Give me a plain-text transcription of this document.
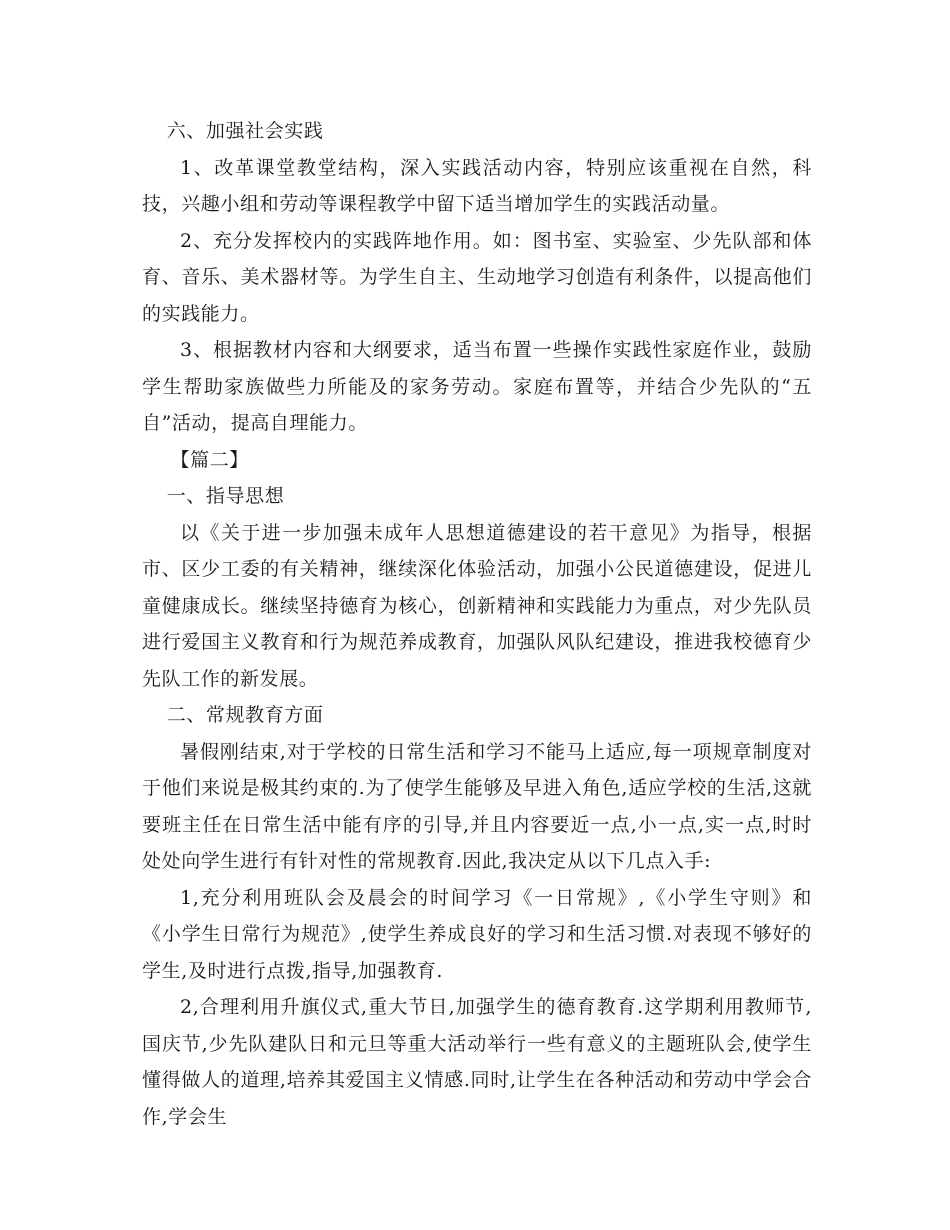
六、加强社会实践

1、改革课堂教堂结构，深入实践活动内容，特别应该重视在自然，科技，兴趣小组和劳动等课程教学中留下适当增加学生的实践活动量。

2、充分发挥校内的实践阵地作用。如：图书室、实验室、少先队部和体育、音乐、美术器材等。为学生自主、生动地学习创造有利条件，以提高他们的实践能力。

3、根据教材内容和大纲要求，适当布置一些操作实践性家庭作业，鼓励学生帮助家族做些力所能及的家务劳动。家庭布置等，并结合少先队的“五自”活动，提高自理能力。

【篇二】

一、指导思想

以《关于进一步加强未成年人思想道德建设的若干意见》为指导，根据市、区少工委的有关精神，继续深化体验活动，加强小公民道德建设，促进儿童健康成长。继续坚持德育为核心，创新精神和实践能力为重点，对少先队员进行爱国主义教育和行为规范养成教育，加强队风队纪建设，推进我校德育少先队工作的新发展。

二、常规教育方面

暑假刚结束,对于学校的日常生活和学习不能马上适应,每一项规章制度对于他们来说是极其约束的.为了使学生能够及早进入角色,适应学校的生活,这就要班主任在日常生活中能有序的引导,并且内容要近一点,小一点,实一点,时时处处向学生进行有针对性的常规教育.因此,我决定从以下几点入手:

1,充分利用班队会及晨会的时间学习《一日常规》,《小学生守则》和《小学生日常行为规范》,使学生养成良好的学习和生活习惯.对表现不够好的学生,及时进行点拨,指导,加强教育.

2,合理利用升旗仪式,重大节日,加强学生的德育教育.这学期利用教师节,国庆节,少先队建队日和元旦等重大活动举行一些有意义的主题班队会,使学生懂得做人的道理,培养其爱国主义情感.同时,让学生在各种活动和劳动中学会合作,学会生
